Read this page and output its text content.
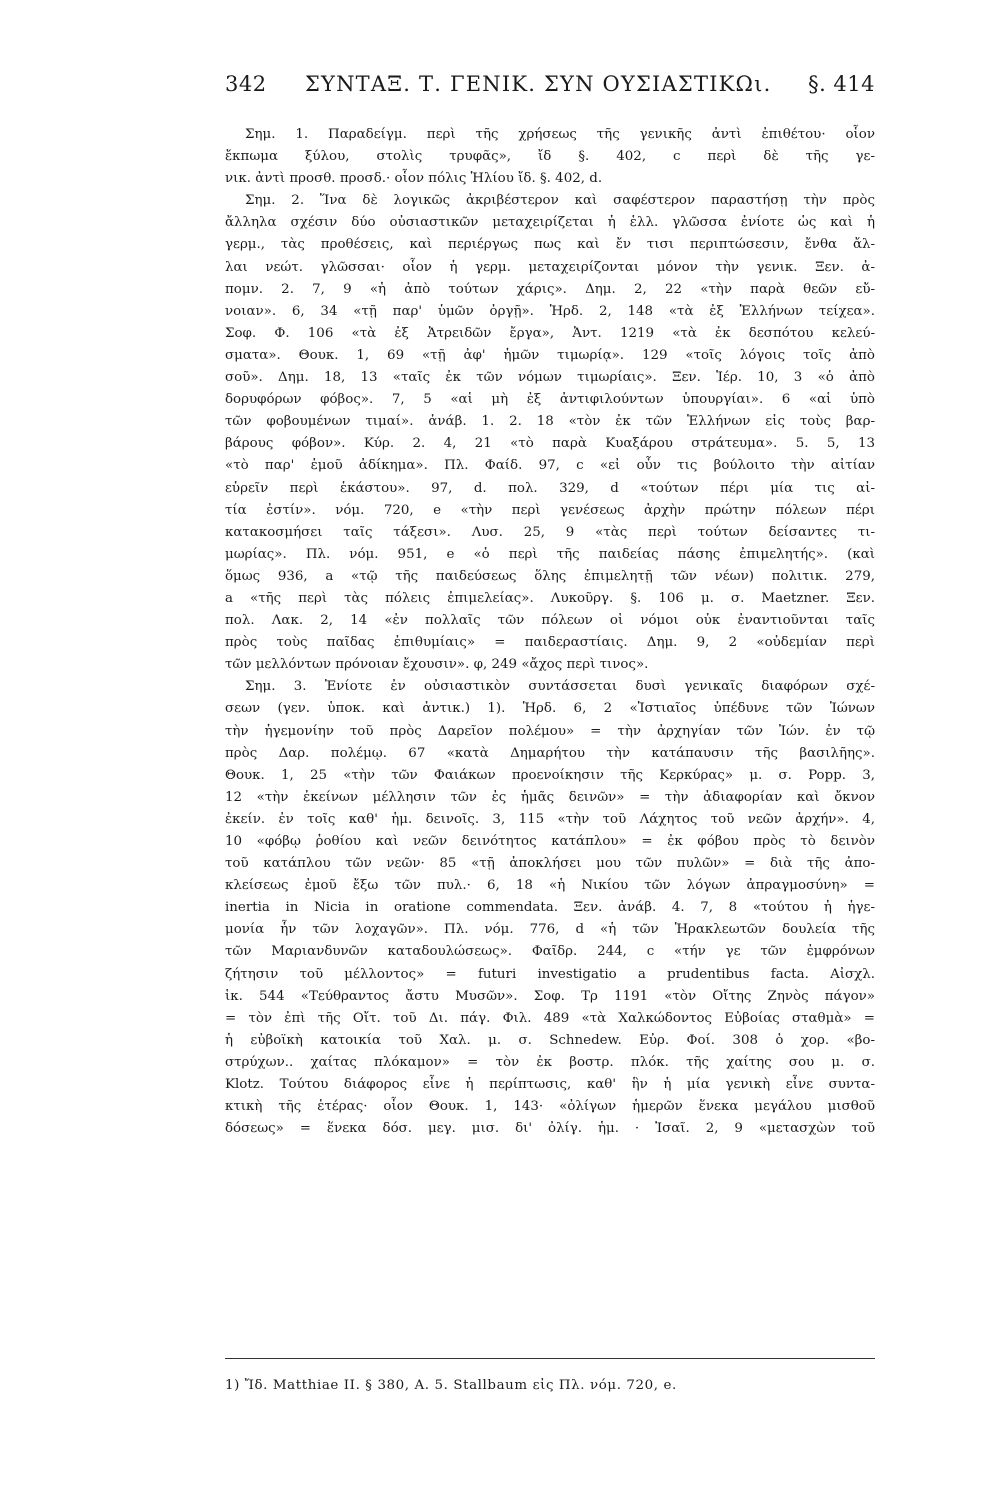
342 ΣΥΝΤΑΞ. Τ. ΓΕΝΙΚ. ΣΥΝ ΟΥΣΙΑΣΤΙΚΩι. §. 414
Σημ. 1. Παραδείγμ. περὶ τῆς χρήσεως τῆς γενικῆς ἀντὶ ἐπιθέτου· οἷον
ἔκπωμα ξύλου, στολὶς τρυφᾶς», ἴδ §. 402, c περὶ δὲ τῆς γε-
νικ. ἀντὶ προσθ. προσδ.· οἷον πόλις Ἡλίου ἴδ. §. 402, d.
Σημ. 2. Ἵνα δὲ λογικῶς ἀκριβέστερον καὶ σαφέστερον παραστήσῃ τὴν πρὸς
ἄλληλα σχέσιν δύο οὐσιαστικῶν μεταχειρίζεται ἡ ἑλλ. γλῶσσα ἐνίοτε ὡς καὶ ἡ
γερμ., τὰς προθέσεις, καὶ περιέργως πως καὶ ἔν τισι περιπτώσεσιν, ἔνθα ἄλ-
λαι νεώτ. γλῶσσαι· οἷον ἡ γερμ. μεταχειρίζονται μόνον τὴν γενικ. Ξεν. ἀ-
πομν. 2. 7, 9 «ἡ ἀπὸ τούτων χάρις». Δημ. 2, 22 «τὴν παρὰ θεῶν εὔ-
νοιαν». 6, 34 «τῇ παρ' ὑμῶν ὀργῇ». Ἡρδ. 2, 148 «τὰ ἐξ Ἑλλήνων τείχεα».
Σοφ. Φ. 106 «τὰ ἐξ Ἀτρειδῶν ἔργα», Ἀντ. 1219 «τὰ ἐκ δεσπότου κελεύ-
σματα». Θουκ. 1, 69 «τῇ ἀφ' ἡμῶν τιμωρίᾳ». 129 «τοῖς λόγοις τοῖς ἀπὸ
σοῦ». Δημ. 18, 13 «ταῖς ἐκ τῶν νόμων τιμωρίαις». Ξεν. Ἱέρ. 10, 3 «ὁ ἀπὸ
δορυφόρων φόβος». 7, 5 «αἱ μὴ ἐξ ἀντιφιλούντων ὑπουργίαι». 6 «αἱ ὑπὸ
τῶν φοβουμένων τιμαί». ἀνάβ. 1. 2. 18 «τὸν ἐκ τῶν Ἑλλήνων εἰς τοὺς βαρ-
βάρους φόβον». Κύρ. 2. 4, 21 «τὸ παρὰ Κυαξάρου στράτευμα». 5. 5, 13
«τὸ παρ' ἐμοῦ ἀδίκημα». Πλ. Φαίδ. 97, c «εἰ οὖν τις βούλοιτο τὴν αἰτίαν
εὑρεῖν περὶ ἑκάστου». 97, d. πολ. 329, d «τούτων πέρι μία τις αἰ-
τία ἐστίν». νόμ. 720, e «τὴν περὶ γενέσεως ἀρχὴν πρώτην πόλεων πέρι
κατακοσμήσει ταῖς τάξεσι». Λυσ. 25, 9 «τὰς περὶ τούτων δείσαντες τι-
μωρίας». Πλ. νόμ. 951, e «ὁ περὶ τῆς παιδείας πάσης ἐπιμελητής». (καὶ
ὅμως 936, a «τῷ τῆς παιδεύσεως ὅλης ἐπιμελητῇ τῶν νέων) πολιτικ. 279,
a «τῆς περὶ τὰς πόλεις ἐπιμελείας». Λυκοῦργ. §. 106 μ. σ. Maetzner. Ξεν.
πολ. Λακ. 2, 14 «ἐν πολλαῖς τῶν πόλεων οἱ νόμοι οὐκ ἐναντιοῦνται ταῖς
πρὸς τοὺς παῖδας ἐπιθυμίαις» = παιδεραστίαις. Δημ. 9, 2 «οὐδεμίαν περὶ
τῶν μελλόντων πρόνοιαν ἔχουσιν». φ, 249 «ἄχος περὶ τινος».
Σημ. 3. Ἐνίοτε ἐν οὐσιαστικὸν συντάσσεται δυσὶ γενικαῖς διαφόρων σχέ-
σεων (γεν. ὑποκ. καὶ ἀντικ.) 1). Ἡρδ. 6, 2 «Ἱστιαῖος ὑπέδυνε τῶν Ἰώνων
τὴν ἡγεμονίην τοῦ πρὸς Δαρεῖον πολέμου» = τὴν ἀρχηγίαν τῶν Ἰών. ἐν τῷ
πρὸς Δαρ. πολέμῳ. 67 «κατὰ Δημαρήτου τὴν κατάπαυσιν τῆς βασιλῆης».
Θουκ. 1, 25 «τὴν τῶν Φαιάκων προενοίκησιν τῆς Κερκύρας» μ. σ. Popp. 3,
12 «τὴν ἐκείνων μέλλησιν τῶν ἐς ἡμᾶς δεινῶν» = τὴν ἀδιαφορίαν καὶ ὄκνον
ἐκείν. ἐν τοῖς καθ' ἡμ. δεινοῖς. 3, 115 «τὴν τοῦ Λάχητος τοῦ νεῶν ἀρχήν». 4,
10 «φόβῳ ῥοθίου καὶ νεῶν δεινότητος κατάπλου» = ἐκ φόβου πρὸς τὸ δεινὸν
τοῦ κατάπλου τῶν νεῶν· 85 «τῇ ἀποκλήσει μου τῶν πυλῶν» = διὰ τῆς ἀπο-
κλείσεως ἐμοῦ ἔξω τῶν πυλ.· 6, 18 «ἡ Νικίου τῶν λόγων ἀπραγμοσύνη» =
inertia in Nicia in oratione commendata. Ξεν. ἀνάβ. 4. 7, 8 «τούτου ἡ ἡγε-
μονία ἦν τῶν λοχαγῶν». Πλ. νόμ. 776, d «ἡ τῶν Ἡρακλεωτῶν δουλεία τῆς
τῶν Μαριανδυνῶν καταδουλώσεως». Φαῖδρ. 244, c «τήν γε τῶν ἐμφρόνων
ζήτησιν τοῦ μέλλοντος» = futuri investigatio a prudentibus facta. Αἰσχλ.
ἱκ. 544 «Τεύθραντος ἄστυ Μυσῶν». Σοφ. Τρ 1191 «τὸν Οἴτης Ζηνὸς πάγον»
= τὸν ἐπὶ τῆς Οἴτ. τοῦ Δι. πάγ. Φιλ. 489 «τὰ Χαλκώδοντος Εὐβοίας σταθμὰ» =
ἡ εὐβοϊκὴ κατοικία τοῦ Χαλ. μ. σ. Schnedew. Εὐρ. Φοί. 308 ὁ χορ. «βο-
στρύχων.. χαίτας πλόκαμον» = τὸν ἐκ βοστρ. πλόκ. τῆς χαίτης σου μ. σ.
Klotz. Τούτου διάφορος εἶνε ἡ περίπτωσις, καθ' ἣν ἡ μία γενικὴ εἶνε συντα-
κτικὴ τῆς ἑτέρας· οἷον Θουκ. 1, 143· «ὀλίγων ἡμερῶν ἕνεκα μεγάλου μισθοῦ
δόσεως» = ἕνεκα δόσ. μεγ. μισ. δι' ὀλίγ. ἡμ. · Ἰσαῖ. 2, 9 «μετασχὼν τοῦ
1) Ἴδ. Matthiae II. § 380, A. 5. Stallbaum εἰς Πλ. νόμ. 720, e.
